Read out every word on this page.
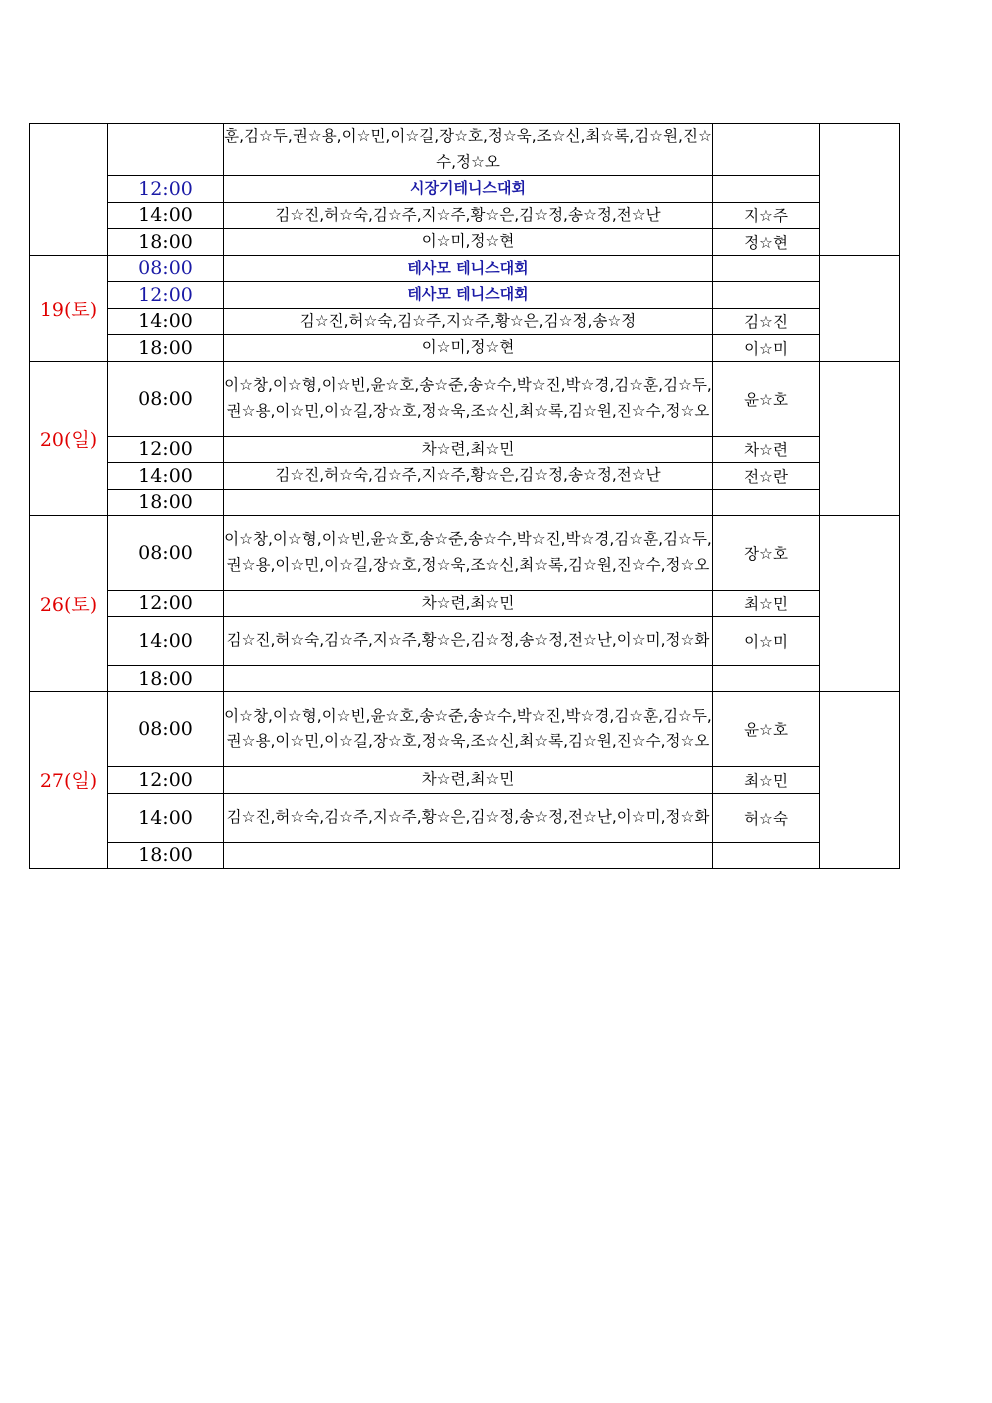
		훈,김☆두,권☆용,이☆민,이☆길,장☆호,정☆욱,조☆신,최☆록,김☆원,진☆수,정☆오		
	12:00	시장기테니스대회		
	14:00	김☆진,허☆숙,김☆주,지☆주,황☆은,김☆정,송☆정,전☆난	지☆주	
	18:00	이☆미,정☆현	정☆현	
19(토)	08:00	테사모 테니스대회		
	12:00	테사모 테니스대회		
	14:00	김☆진,허☆숙,김☆주,지☆주,황☆은,김☆정,송☆정	김☆진	
	18:00	이☆미,정☆현	이☆미	
20(일)	08:00	이☆창,이☆형,이☆빈,윤☆호,송☆준,송☆수,박☆진,박☆경,김☆훈,김☆두,권☆용,이☆민,이☆길,장☆호,정☆욱,조☆신,최☆록,김☆원,진☆수,정☆오	윤☆호	
	12:00	차☆련,최☆민	차☆련	
	14:00	김☆진,허☆숙,김☆주,지☆주,황☆은,김☆정,송☆정,전☆난	전☆란	
	18:00			
26(토)	08:00	이☆창,이☆형,이☆빈,윤☆호,송☆준,송☆수,박☆진,박☆경,김☆훈,김☆두,권☆용,이☆민,이☆길,장☆호,정☆욱,조☆신,최☆록,김☆원,진☆수,정☆오	장☆호	
	12:00	차☆련,최☆민	최☆민	
	14:00	김☆진,허☆숙,김☆주,지☆주,황☆은,김☆정,송☆정,전☆난,이☆미,정☆화	이☆미	
	18:00			
27(일)	08:00	이☆창,이☆형,이☆빈,윤☆호,송☆준,송☆수,박☆진,박☆경,김☆훈,김☆두,권☆용,이☆민,이☆길,장☆호,정☆욱,조☆신,최☆록,김☆원,진☆수,정☆오	윤☆호	
	12:00	차☆련,최☆민	최☆민	
	14:00	김☆진,허☆숙,김☆주,지☆주,황☆은,김☆정,송☆정,전☆난,이☆미,정☆화	허☆숙	
	18:00			
